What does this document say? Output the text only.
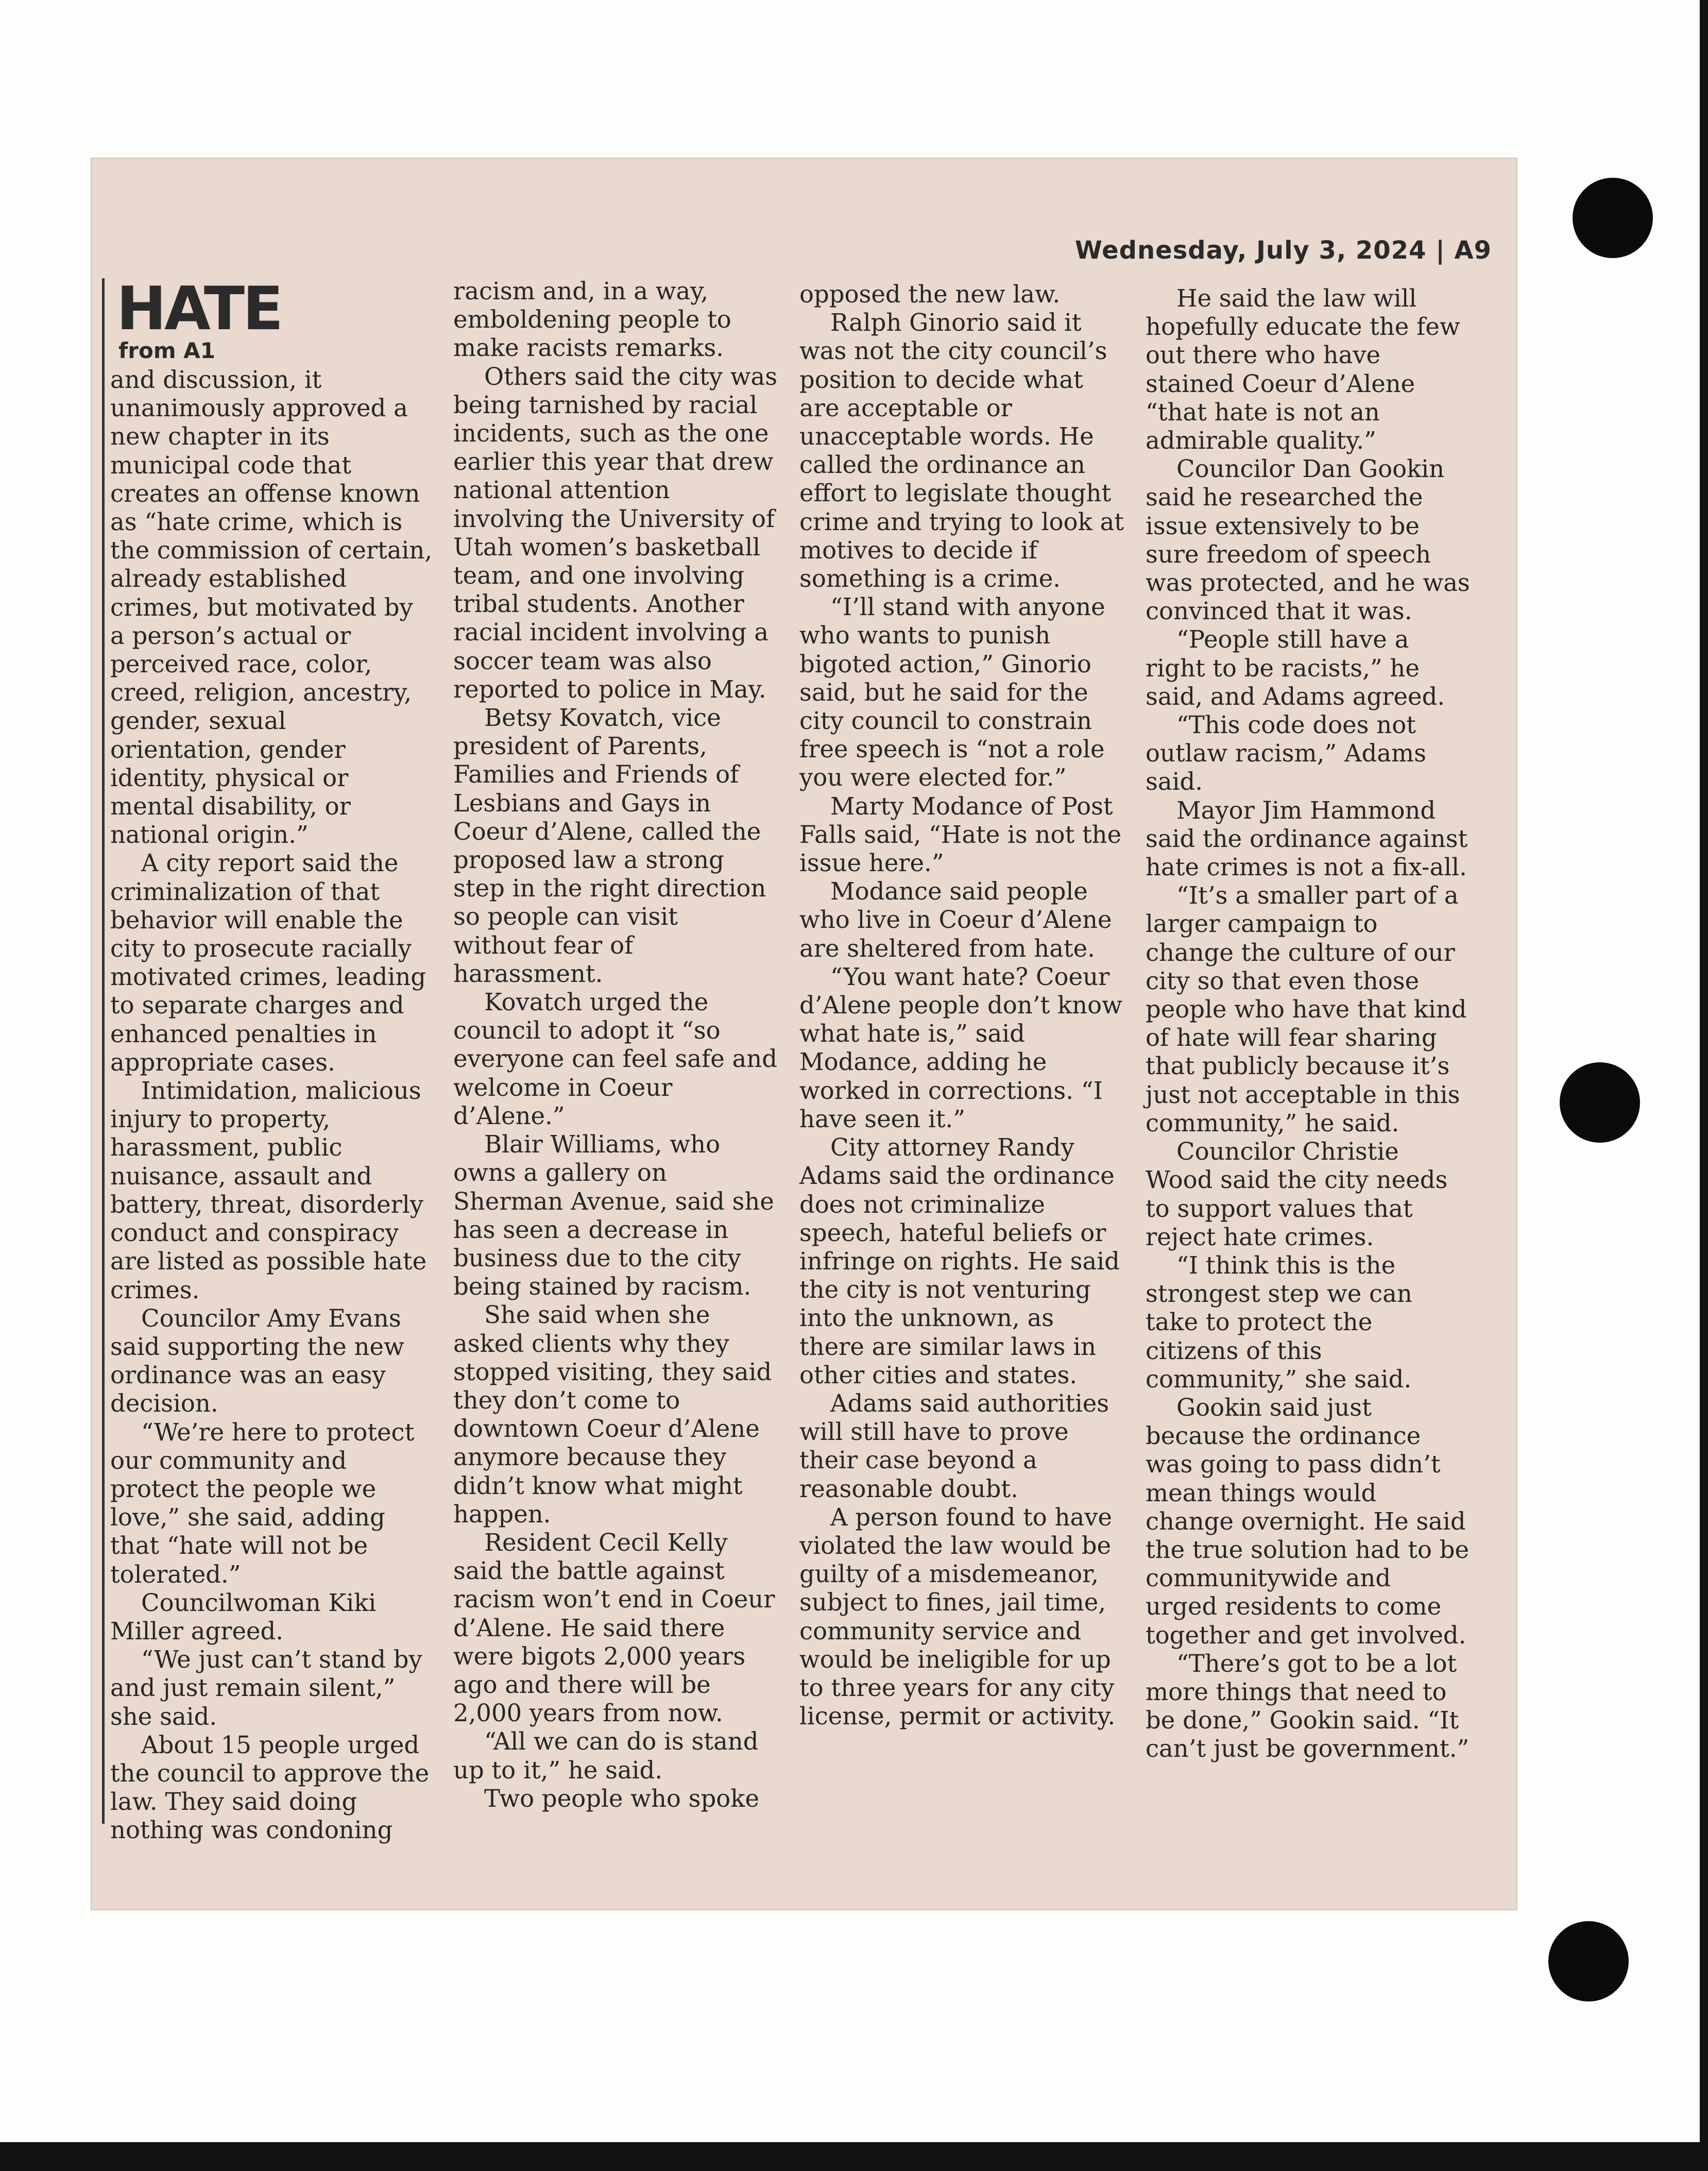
Wednesday, July 3, 2024 | A9
HATE
from A1

and discussion, it unanimously approved a new chapter in its municipal code that creates an offense known as “hate crime, which is the commission of certain, already established crimes, but motivated by a person’s actual or perceived race, color, creed, religion, ancestry, gender, sexual orientation, gender identity, physical or mental disability, or national origin.”

A city report said the criminalization of that behavior will enable the city to prosecute racially motivated crimes, leading to separate charges and enhanced penalties in appropriate cases.

Intimidation, malicious injury to property, harassment, public nuisance, assault and battery, threat, disorderly conduct and conspiracy are listed as possible hate crimes.

Councilor Amy Evans said supporting the new ordinance was an easy decision.

“We’re here to protect our community and protect the people we love,” she said, adding that “hate will not be tolerated.”

Councilwoman Kiki Miller agreed.

“We just can’t stand by and just remain silent,” she said.

About 15 people urged the council to approve the law. They said doing nothing was condoning

racism and, in a way, emboldening people to make racists remarks.

Others said the city was being tarnished by racial incidents, such as the one earlier this year that drew national attention involving the University of Utah women’s basketball team, and one involving tribal students. Another racial incident involving a soccer team was also reported to police in May.

Betsy Kovatch, vice president of Parents, Families and Friends of Lesbians and Gays in Coeur d’Alene, called the proposed law a strong step in the right direction so people can visit without fear of harassment.

Kovatch urged the council to adopt it “so everyone can feel safe and welcome in Coeur d’Alene.”

Blair Williams, who owns a gallery on Sherman Avenue, said she has seen a decrease in business due to the city being stained by racism.

She said when she asked clients why they stopped visiting, they said they don’t come to downtown Coeur d’Alene anymore because they didn’t know what might happen.

Resident Cecil Kelly said the battle against racism won’t end in Coeur d’Alene. He said there were bigots 2,000 years ago and there will be 2,000 years from now.

“All we can do is stand up to it,” he said.

Two people who spoke

opposed the new law.

Ralph Ginorio said it was not the city council’s position to decide what are acceptable or unacceptable words. He called the ordinance an effort to legislate thought crime and trying to look at motives to decide if something is a crime.

“I’ll stand with anyone who wants to punish bigoted action,” Ginorio said, but he said for the city council to constrain free speech is “not a role you were elected for.”

Marty Modance of Post Falls said, “Hate is not the issue here.”

Modance said people who live in Coeur d’Alene are sheltered from hate.

“You want hate? Coeur d’Alene people don’t know what hate is,” said Modance, adding he worked in corrections. “I have seen it.”

City attorney Randy Adams said the ordinance does not criminalize speech, hateful beliefs or infringe on rights. He said the city is not venturing into the unknown, as there are similar laws in other cities and states.

Adams said authorities will still have to prove their case beyond a reasonable doubt.

A person found to have violated the law would be guilty of a misdemeanor, subject to fines, jail time, community service and would be ineligible for up to three years for any city license, permit or activity.

He said the law will hopefully educate the few out there who have stained Coeur d’Alene “that hate is not an admirable quality.”

Councilor Dan Gookin said he researched the issue extensively to be sure freedom of speech was protected, and he was convinced that it was.

“People still have a right to be racists,” he said, and Adams agreed.

“This code does not outlaw racism,” Adams said.

Mayor Jim Hammond said the ordinance against hate crimes is not a fix-all.

“It’s a smaller part of a larger campaign to change the culture of our city so that even those people who have that kind of hate will fear sharing that publicly because it’s just not acceptable in this community,” he said.

Councilor Christie Wood said the city needs to support values that reject hate crimes.

“I think this is the strongest step we can take to protect the citizens of this community,” she said.

Gookin said just because the ordinance was going to pass didn’t mean things would change overnight. He said the true solution had to be communitywide and urged residents to come together and get involved.

“There’s got to be a lot more things that need to be done,” Gookin said. “It can’t just be government.”
